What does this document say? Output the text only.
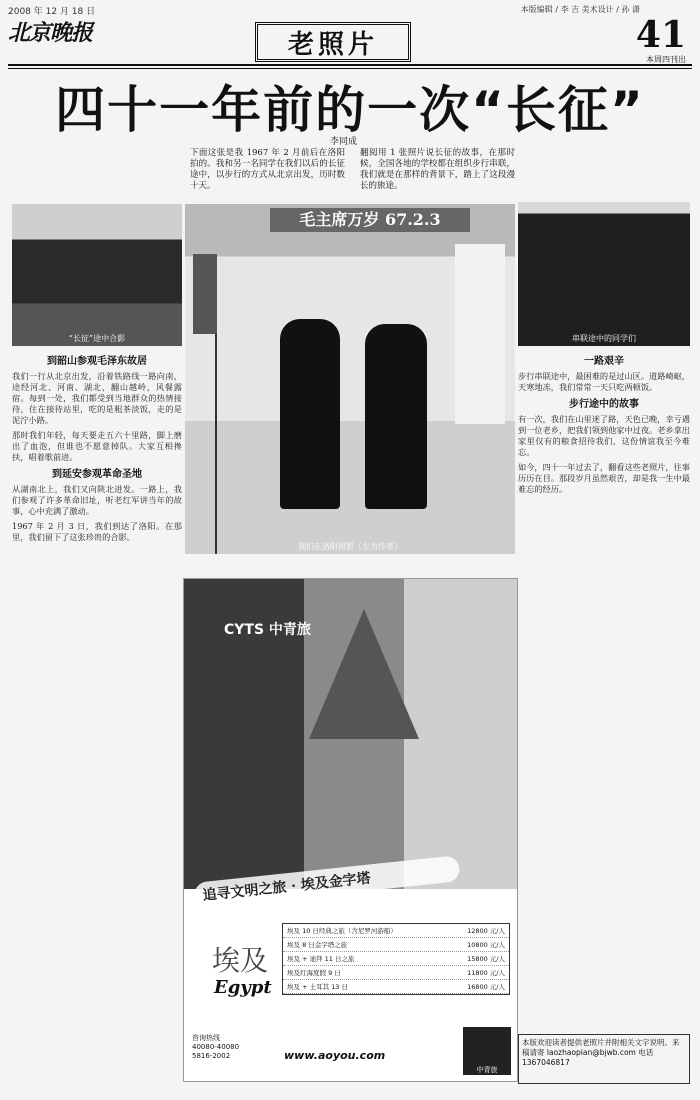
2008 年 12 月 18 日	本版编辑 / 李 吉 美术设计 / 孙 潇
北京晚报	老照片	41
本周四刊出
四十一年前的一次“长征”
李同成
下面这张是我 1967 年 2 月前后在洛阳拍的。我和另一名同学在我们以后的长征途中，以步行的方式从北京出发，历时数十天。
翻阅用 1 张照片说长征的故事，在那时候，全国各地的学校都在组织步行串联，我们就是在那样的背景下，踏上了这段漫长的旅途。
“长征”途中合影
毛主席万岁 67.2.3
我们在洛阳留影（左为作者）
串联途中的同学们
到韶山参观毛泽东故居

我们一行从北京出发，沿着铁路线一路向南，途经河北、河南、湖北，翻山越岭，风餐露宿。每到一处，我们都受到当地群众的热情接待，住在接待站里，吃的是粗茶淡饭，走的是泥泞小路。

那时我们年轻，每天要走五六十里路，脚上磨出了血泡，但谁也不愿意掉队。大家互相搀扶，唱着歌前进。

到延安参观革命圣地

从湖南北上，我们又向陕北进发。一路上，我们参观了许多革命旧址，听老红军讲当年的故事，心中充满了激动。

1967 年 2 月 3 日，我们到达了洛阳。在那里，我们留下了这张珍贵的合影。

一路艰辛

步行串联途中，最困难的是过山区。道路崎岖，天寒地冻，我们常常一天只吃两顿饭。

步行途中的故事

有一次，我们在山里迷了路，天色已晚，幸亏遇到一位老乡，把我们领到他家中过夜。老乡拿出家里仅有的粮食招待我们，这份情谊我至今难忘。

如今，四十一年过去了，翻看这些老照片，往事历历在目。那段岁月虽然艰苦，却是我一生中最难忘的经历。

CYTS 中青旅
追寻文明之旅 · 埃及金字塔
埃及
Egypt
埃及 10 日经典之旅（含尼罗河游船）	12800 元/人
埃及 8 日金字塔之旅	10800 元/人
埃及 + 迪拜 11 日之旅	15800 元/人
埃及红海度假 9 日	11800 元/人
埃及 + 土耳其 13 日	16800 元/人
咨询热线
40080-40080
5816-2002	www.aoyou.com
中青旅
本版欢迎读者提供老照片并附相关文字说明。来稿请寄 laozhaopian@bjwb.com 电话 1367046817
